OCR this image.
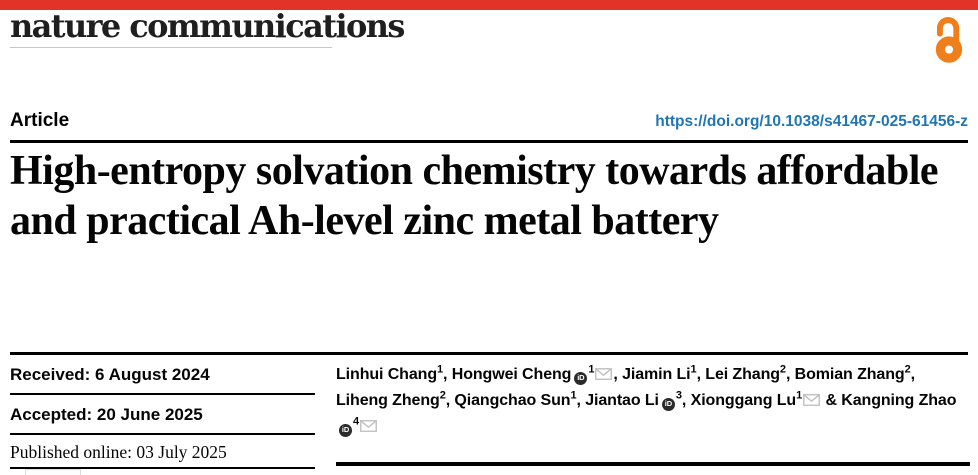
nature communications
Article	https://doi.org/10.1038/s41467-025-61456-z
High-entropy solvation chemistry towards affordable and practical Ah-level zinc metal battery
Received: 6 August 2024
Accepted: 20 June 2025
Published online: 03 July 2025
Linhui Chang$^1$, Hongwei Cheng $iD^1$ , Jiamin Li$^1$, Lei Zhang$^2$, Bomian Zhang$^2$, Liheng Zheng$^2$, Qiangchao Sun$^1$, Jiantao Li $iD^3$, Xionggang Lu$^1$ & Kangning ZhaoiD$^4$
